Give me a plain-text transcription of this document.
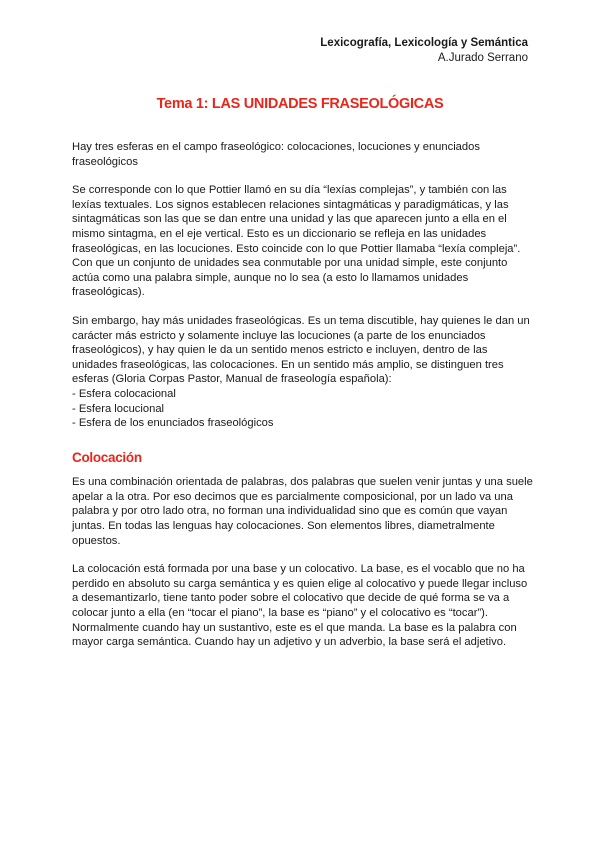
Lexicografía, Lexicología y Semántica
A.Jurado Serrano
Tema 1: LAS UNIDADES FRASEOLÓGICAS

Hay tres esferas en el campo fraseológico: colocaciones, locuciones y enunciados fraseológicos

Se corresponde con lo que Pottier llamó en su día “lexías complejas”, y también con las lexías textuales. Los signos establecen relaciones sintagmáticas y paradigmáticas, y las sintagmáticas son las que se dan entre una unidad y las que aparecen junto a ella en el mismo sintagma, en el eje vertical. Esto es un diccionario se refleja en las unidades fraseológicas, en las locuciones. Esto coincide con lo que Pottier llamaba “lexía compleja”. Con que un conjunto de unidades sea conmutable por una unidad simple, este conjunto actúa como una palabra simple, aunque no lo sea (a esto lo llamamos unidades fraseológicas).

Sin embargo, hay más unidades fraseológicas. Es un tema discutible, hay quienes le dan un carácter más estricto y solamente incluye las locuciones (a parte de los enunciados fraseológicos), y hay quien le da un sentido menos estricto e incluyen, dentro de las unidades fraseológicas, las colocaciones. En un sentido más amplio, se distinguen tres esferas (Gloria Corpas Pastor, Manual de fraseología española):

- Esfera colocacional

- Esfera locucional

- Esfera de los enunciados fraseológicos

Colocación

Es una combinación orientada de palabras, dos palabras que suelen venir juntas y una suele apelar a la otra. Por eso decimos que es parcialmente composicional, por un lado va una palabra y por otro lado otra, no forman una individualidad sino que es común que vayan juntas. En todas las lenguas hay colocaciones. Son elementos libres, diametralmente opuestos.

La colocación está formada por una base y un colocativo. La base, es el vocablo que no ha perdido en absoluto su carga semántica y es quien elige al colocativo y puede llegar incluso a desemantizarlo, tiene tanto poder sobre el colocativo que decide de qué forma se va a colocar junto a ella (en “tocar el piano”, la base es “piano” y el colocativo es “tocar”). Normalmente cuando hay un sustantivo, este es el que manda. La base es la palabra con mayor carga semántica. Cuando hay un adjetivo y un adverbio, la base será el adjetivo.
